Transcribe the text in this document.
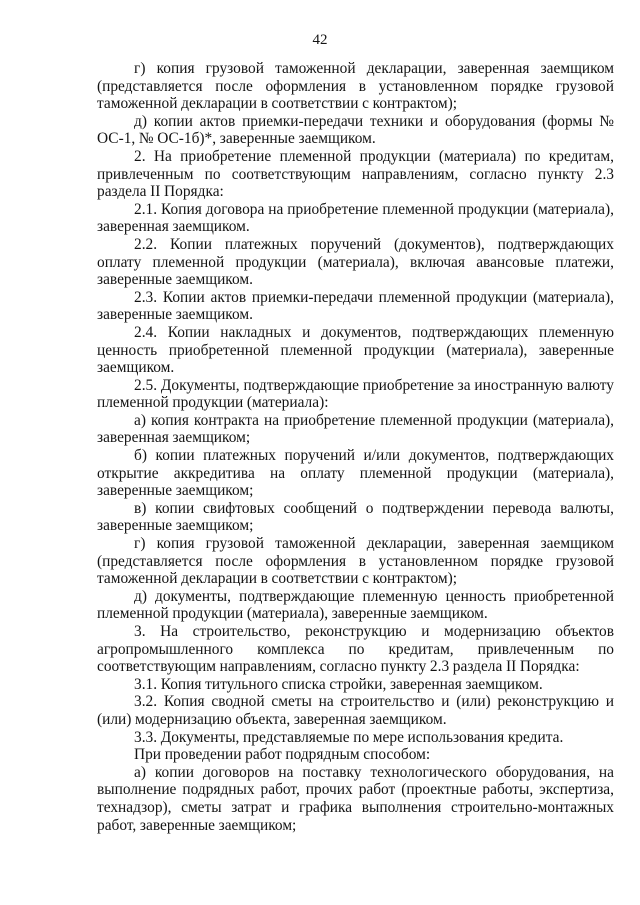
42

г) копия грузовой таможенной декларации, заверенная заемщиком (представляется после оформления в установленном порядке грузовой таможенной декларации в соответствии с контрактом);

д) копии актов приемки-передачи техники и оборудования (формы № ОС-1, № ОС-1б)*, заверенные заемщиком.

2. На приобретение племенной продукции (материала) по кредитам, привлеченным по соответствующим направлениям, согласно пункту 2.3 раздела II Порядка:

2.1. Копия договора на приобретение племенной продукции (материала), заверенная заемщиком.

2.2. Копии платежных поручений (документов), подтверждающих оплату племенной продукции (материала), включая авансовые платежи, заверенные заемщиком.

2.3. Копии актов приемки-передачи племенной продукции (материала), заверенные заемщиком.

2.4. Копии накладных и документов, подтверждающих племенную ценность приобретенной племенной продукции (материала), заверенные заемщиком.

2.5. Документы, подтверждающие приобретение за иностранную валюту племенной продукции (материала):

а) копия контракта на приобретение племенной продукции (материала), заверенная заемщиком;

б) копии платежных поручений и/или документов, подтверждающих открытие аккредитива на оплату племенной продукции (материала), заверенные заемщиком;

в) копии свифтовых сообщений о подтверждении перевода валюты, заверенные заемщиком;

г) копия грузовой таможенной декларации, заверенная заемщиком (представляется после оформления в установленном порядке грузовой таможенной декларации в соответствии с контрактом);

д) документы, подтверждающие племенную ценность приобретенной племенной продукции (материала), заверенные заемщиком.

3. На строительство, реконструкцию и модернизацию объектов агропромышленного комплекса по кредитам, привлеченным по соответствующим направлениям, согласно пункту 2.3 раздела II Порядка:

3.1. Копия титульного списка стройки, заверенная заемщиком.

3.2. Копия сводной сметы на строительство и (или) реконструкцию и (или) модернизацию объекта, заверенная заемщиком.

3.3. Документы, представляемые по мере использования кредита.

При проведении работ подрядным способом:

а) копии договоров на поставку технологического оборудования, на выполнение подрядных работ, прочих работ (проектные работы, экспертиза, технадзор), сметы затрат и графика выполнения строительно-монтажных работ, заверенные заемщиком;
